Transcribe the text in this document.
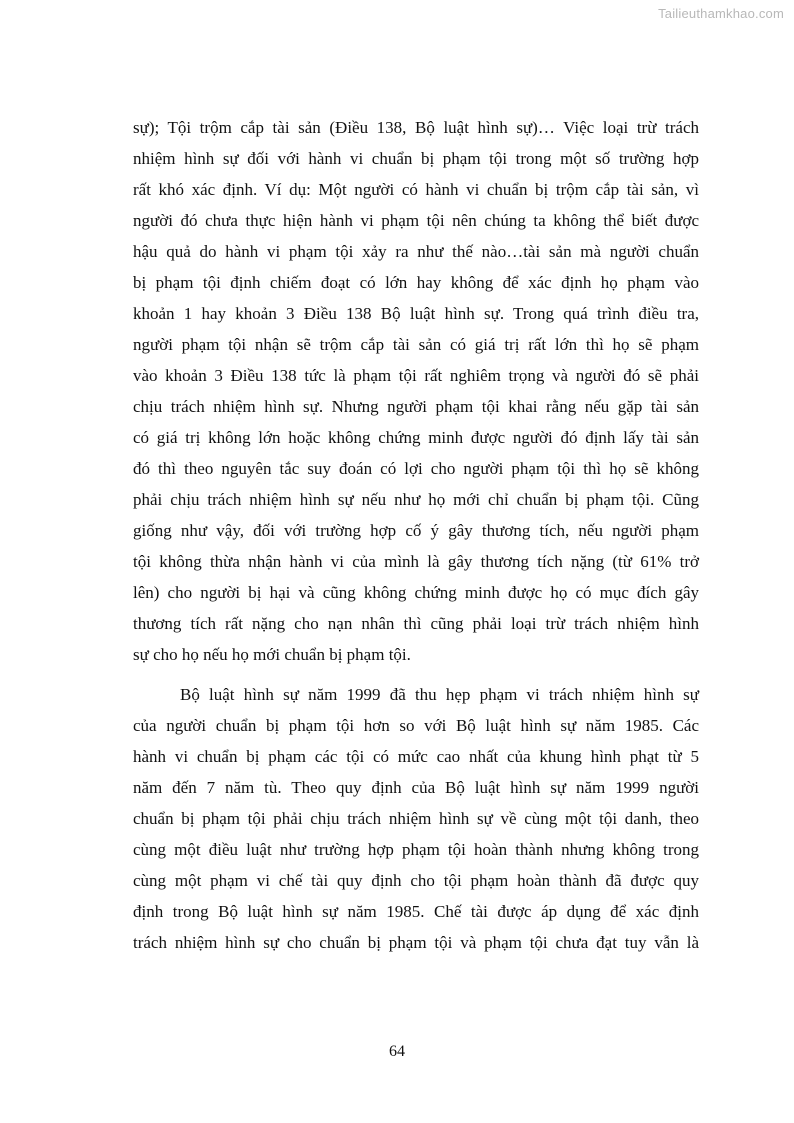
Tailieuthamkhao.com
sự); Tội trộm cắp tài sản (Điều 138, Bộ luật hình sự)… Việc loại trừ trách
nhiệm hình sự đối với hành vi chuẩn bị phạm tội trong một số trường hợp
rất khó xác định. Ví dụ: Một người có hành vi chuẩn bị trộm cắp tài sản, vì
người đó chưa thực hiện hành vi phạm tội nên chúng ta không thể biết được
hậu quả do hành vi phạm tội xảy ra như thế nào…tài sản mà người chuẩn
bị phạm tội định chiếm đoạt có lớn hay không để xác định họ phạm vào
khoản 1 hay khoản 3 Điều 138 Bộ luật hình sự. Trong quá trình điều tra,
người phạm tội nhận sẽ trộm cắp tài sản có giá trị rất lớn thì họ sẽ phạm
vào khoản 3 Điều 138 tức là phạm tội rất nghiêm trọng và người đó sẽ phải
chịu trách nhiệm hình sự. Nhưng người phạm tội khai rằng nếu gặp tài sản
có giá trị không lớn hoặc không chứng minh được người đó định lấy tài sản
đó thì theo nguyên tắc suy đoán có lợi cho người phạm tội thì họ sẽ không
phải chịu trách nhiệm hình sự nếu như họ mới chỉ chuẩn bị phạm tội. Cũng
giống như vậy, đối với trường hợp cố ý gây thương tích, nếu người phạm
tội không thừa nhận hành vi của mình là gây thương tích nặng (từ 61% trở
lên) cho người bị hại và cũng không chứng minh được họ có mục đích gây
thương tích rất nặng cho nạn nhân thì cũng phải loại trừ trách nhiệm hình
sự cho họ nếu họ mới chuẩn bị phạm tội.
Bộ luật hình sự năm 1999 đã thu hẹp phạm vi trách nhiệm hình sự
của người chuẩn bị phạm tội hơn so với Bộ luật hình sự năm 1985. Các
hành vi chuẩn bị phạm các tội có mức cao nhất của khung hình phạt từ 5
năm đến 7 năm tù. Theo quy định của Bộ luật hình sự năm 1999 người
chuẩn bị phạm tội phải chịu trách nhiệm hình sự về cùng một tội danh, theo
cùng một điều luật như trường hợp phạm tội hoàn thành nhưng không trong
cùng một phạm vi chế tài quy định cho tội phạm hoàn thành đã được quy
định trong Bộ luật hình sự năm 1985. Chế tài được áp dụng để xác định
trách nhiệm hình sự cho chuẩn bị phạm tội và phạm tội chưa đạt tuy vẫn là
64
